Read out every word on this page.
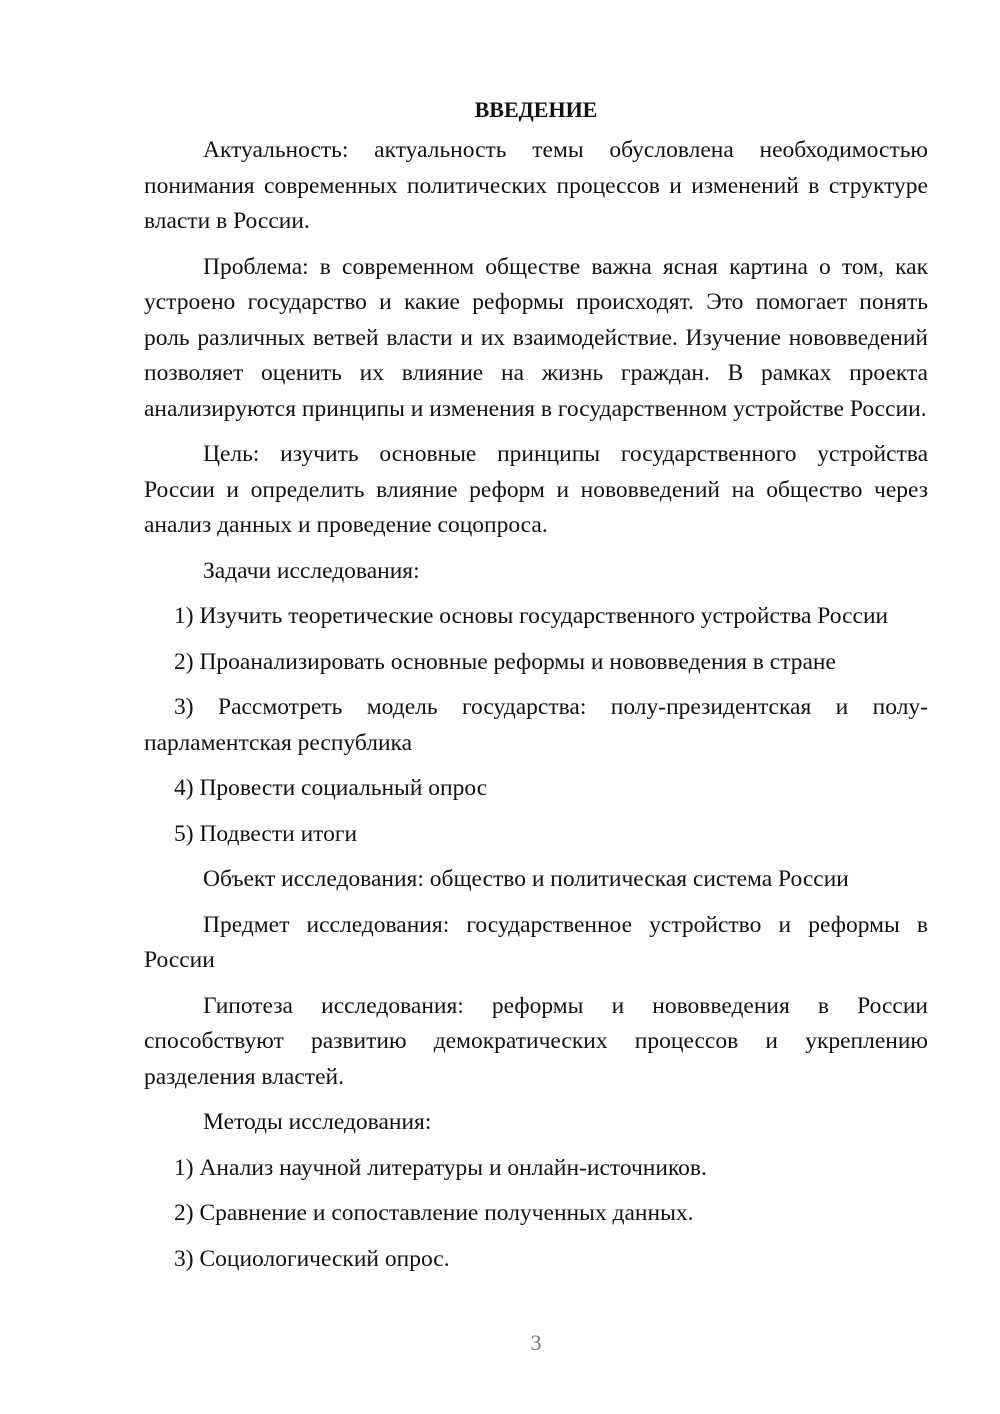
ВВЕДЕНИЕ

Актуальность: актуальность темы обусловлена необходимостью понимания современных политических процессов и изменений в структуре власти в России.

Проблема: в современном обществе важна ясная картина о том, как устроено государство и какие реформы происходят. Это помогает понять роль различных ветвей власти и их взаимодействие. Изучение нововведений позволяет оценить их влияние на жизнь граждан. В рамках проекта анализируются принципы и изменения в государственном устройстве России.

Цель: изучить основные принципы государственного устройства России и определить влияние реформ и нововведений на общество через анализ данных и проведение соцопроса.

Задачи исследования:

1) Изучить теоретические основы государственного устройства России

2) Проанализировать основные реформы и нововведения в стране

3) Рассмотреть модель государства: полу-президентская и полу-парламентская республика

4) Провести социальный опрос

5) Подвести итоги

Объект исследования: общество и политическая система России

Предмет исследования: государственное устройство и реформы в России

Гипотеза исследования: реформы и нововведения в России способствуют развитию демократических процессов и укреплению разделения властей.

Методы исследования:

1) Анализ научной литературы и онлайн-источников.

2) Сравнение и сопоставление полученных данных.

3) Социологический опрос.

3
